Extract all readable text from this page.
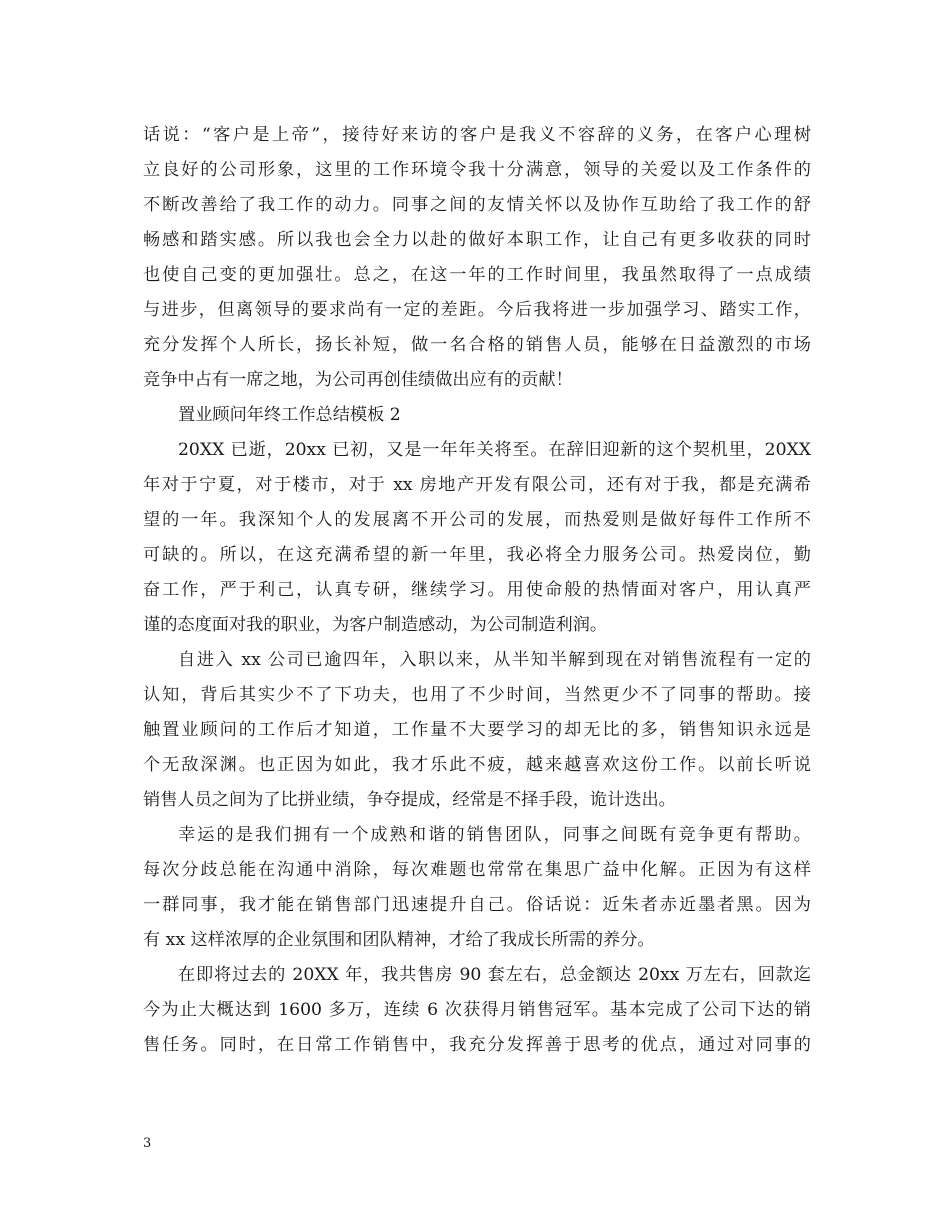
话说：“客户是上帝”，接待好来访的客户是我义不容辞的义务，在客户心理树
立良好的公司形象，这里的工作环境令我十分满意，领导的关爱以及工作条件的
不断改善给了我工作的动力。同事之间的友情关怀以及协作互助给了我工作的舒
畅感和踏实感。所以我也会全力以赴的做好本职工作，让自己有更多收获的同时
也使自己变的更加强壮。总之，在这一年的工作时间里，我虽然取得了一点成绩
与进步，但离领导的要求尚有一定的差距。今后我将进一步加强学习、踏实工作，
充分发挥个人所长，扬长补短，做一名合格的销售人员，能够在日益激烈的市场
竞争中占有一席之地，为公司再创佳绩做出应有的贡献！
置业顾问年终工作总结模板 2
20XX 已逝，20xx 已初，又是一年年关将至。在辞旧迎新的这个契机里，20XX
年对于宁夏，对于楼市，对于 xx 房地产开发有限公司，还有对于我，都是充满希
望的一年。我深知个人的发展离不开公司的发展，而热爱则是做好每件工作所不
可缺的。所以，在这充满希望的新一年里，我必将全力服务公司。热爱岗位，勤
奋工作，严于利己，认真专研，继续学习。用使命般的热情面对客户，用认真严
谨的态度面对我的职业，为客户制造感动，为公司制造利润。
自进入 xx 公司已逾四年，入职以来，从半知半解到现在对销售流程有一定的
认知，背后其实少不了下功夫，也用了不少时间，当然更少不了同事的帮助。接
触置业顾问的工作后才知道，工作量不大要学习的却无比的多，销售知识永远是
个无敌深渊。也正因为如此，我才乐此不疲，越来越喜欢这份工作。以前长听说
销售人员之间为了比拼业绩，争夺提成，经常是不择手段，诡计迭出。
幸运的是我们拥有一个成熟和谐的销售团队，同事之间既有竞争更有帮助。
每次分歧总能在沟通中消除，每次难题也常常在集思广益中化解。正因为有这样
一群同事，我才能在销售部门迅速提升自己。俗话说：近朱者赤近墨者黑。因为
有 xx 这样浓厚的企业氛围和团队精神，才给了我成长所需的养分。
在即将过去的 20XX 年，我共售房 90 套左右，总金额达 20xx 万左右，回款迄
今为止大概达到 1600 多万，连续 6 次获得月销售冠军。基本完成了公司下达的销
售任务。同时，在日常工作销售中，我充分发挥善于思考的优点，通过对同事的
3
